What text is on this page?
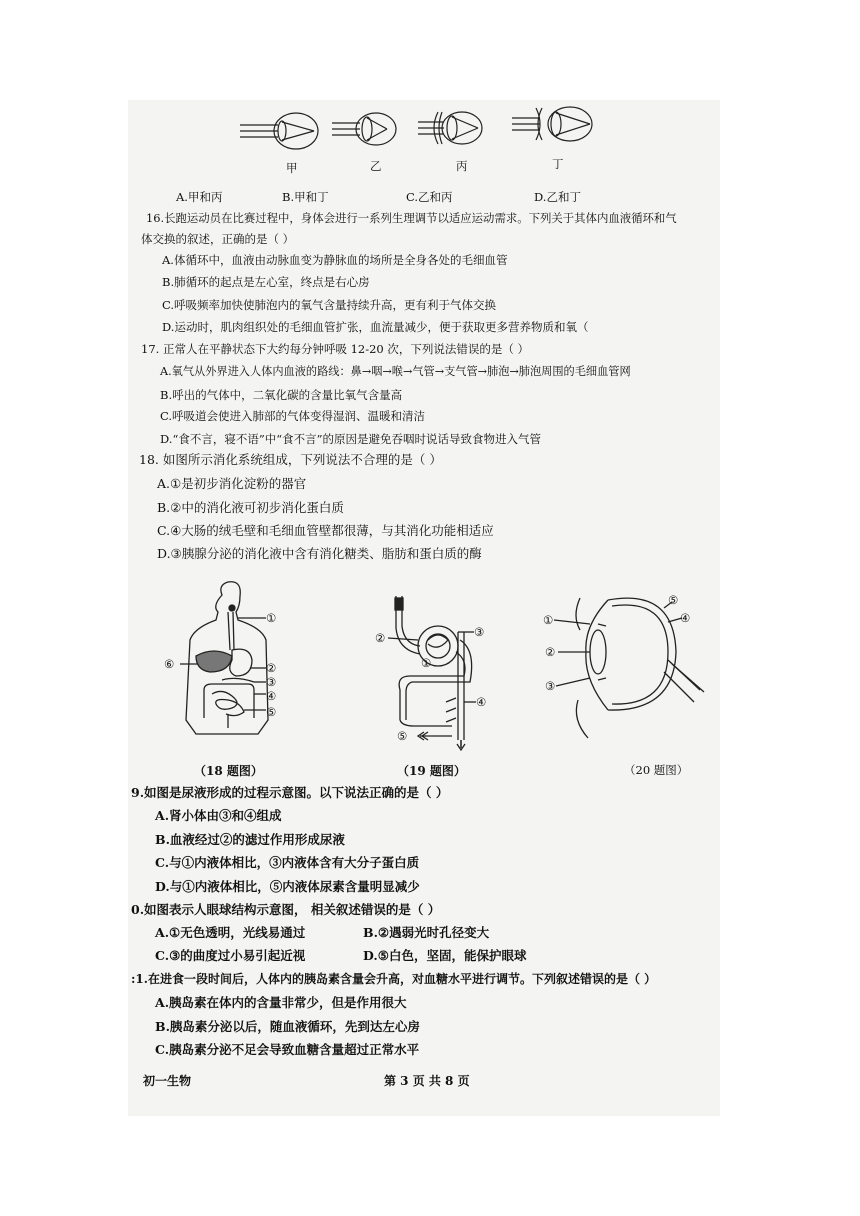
甲	乙	丙	丁
A.甲和丙	B.甲和丁	C.乙和丙	D.乙和丁
16.长跑运动员在比赛过程中，身体会进行一系列生理调节以适应运动需求。下列关于其体内血液循环和气
体交换的叙述，正确的是（ ）
A.体循环中，血液由动脉血变为静脉血的场所是全身各处的毛细血管
B.肺循环的起点是左心室，终点是右心房
C.呼吸频率加快使肺泡内的氧气含量持续升高，更有利于气体交换
D.运动时，肌肉组织处的毛细血管扩张，血流量减少，便于获取更多营养物质和氧（
17. 正常人在平静状态下大约每分钟呼吸 12-20 次，下列说法错误的是（ ）
A.氧气从外界进入人体内血液的路线：鼻→咽→喉→气管→支气管→肺泡→肺泡周围的毛细血管网
B.呼出的气体中，二氧化碳的含量比氧气含量高
C.呼吸道会使进入肺部的气体变得湿润、温暖和清洁
D.“食不言，寝不语”中“食不言”的原因是避免吞咽时说话导致食物进入气管
18. 如图所示消化系统组成，下列说法不合理的是（ ）
A.①是初步消化淀粉的器官
B.②中的消化液可初步消化蛋白质
C.④大肠的绒毛壁和毛细血管壁都很薄，与其消化功能相适应
D.③胰腺分泌的消化液中含有消化糖类、脂肪和蛋白质的酶
①
②
③
④
⑤
⑥	①
②	③
④
⑤
①
②
③
④
⑤
（18 题图）	（19 题图）	（20 题图）
9.如图是尿液形成的过程示意图。以下说法正确的是（ ）
A.肾小体由③和④组成
B.血液经过②的滤过作用形成尿液
C.与①内液体相比，③内液体含有大分子蛋白质
D.与①内液体相比，⑤内液体尿素含量明显减少
0.如图表示人眼球结构示意图， 相关叙述错误的是（ ）
A.①无色透明，光线易通过	B.②遇弱光时孔径变大
C.③的曲度过小易引起近视	D.⑤白色，坚固，能保护眼球
:1.在进食一段时间后，人体内的胰岛素含量会升高，对血糖水平进行调节。下列叙述错误的是（ ）
A.胰岛素在体内的含量非常少，但是作用很大
B.胰岛素分泌以后，随血液循环，先到达左心房
C.胰岛素分泌不足会导致血糖含量超过正常水平
初一生物	第 3 页 共 8 页
